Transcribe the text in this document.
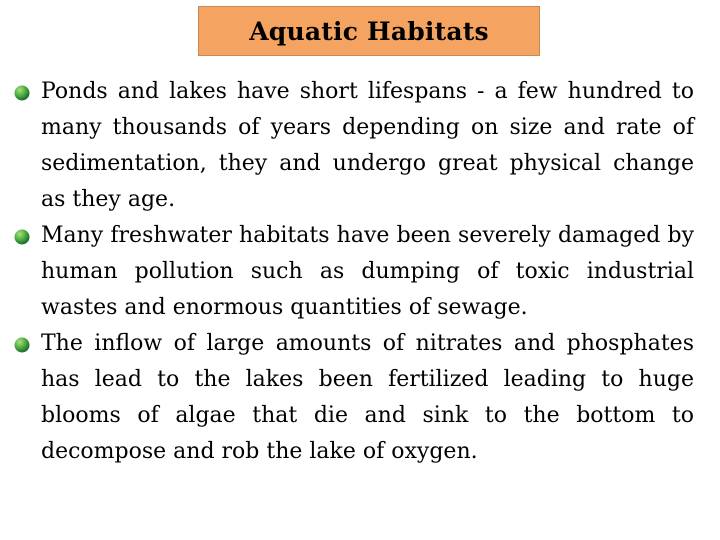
Aquatic Habitats
Ponds and lakes have short lifespans - a few hundred to many thousands of years depending on size and rate of sedimentation, they and undergo great physical change as they age.
Many freshwater habitats have been severely damaged by human pollution such as dumping of toxic industrial wastes and enormous quantities of sewage.
The inflow of large amounts of nitrates and phosphates has lead to the lakes been fertilized leading to huge blooms of algae that die and sink to the bottom to decompose and rob the lake of oxygen.
